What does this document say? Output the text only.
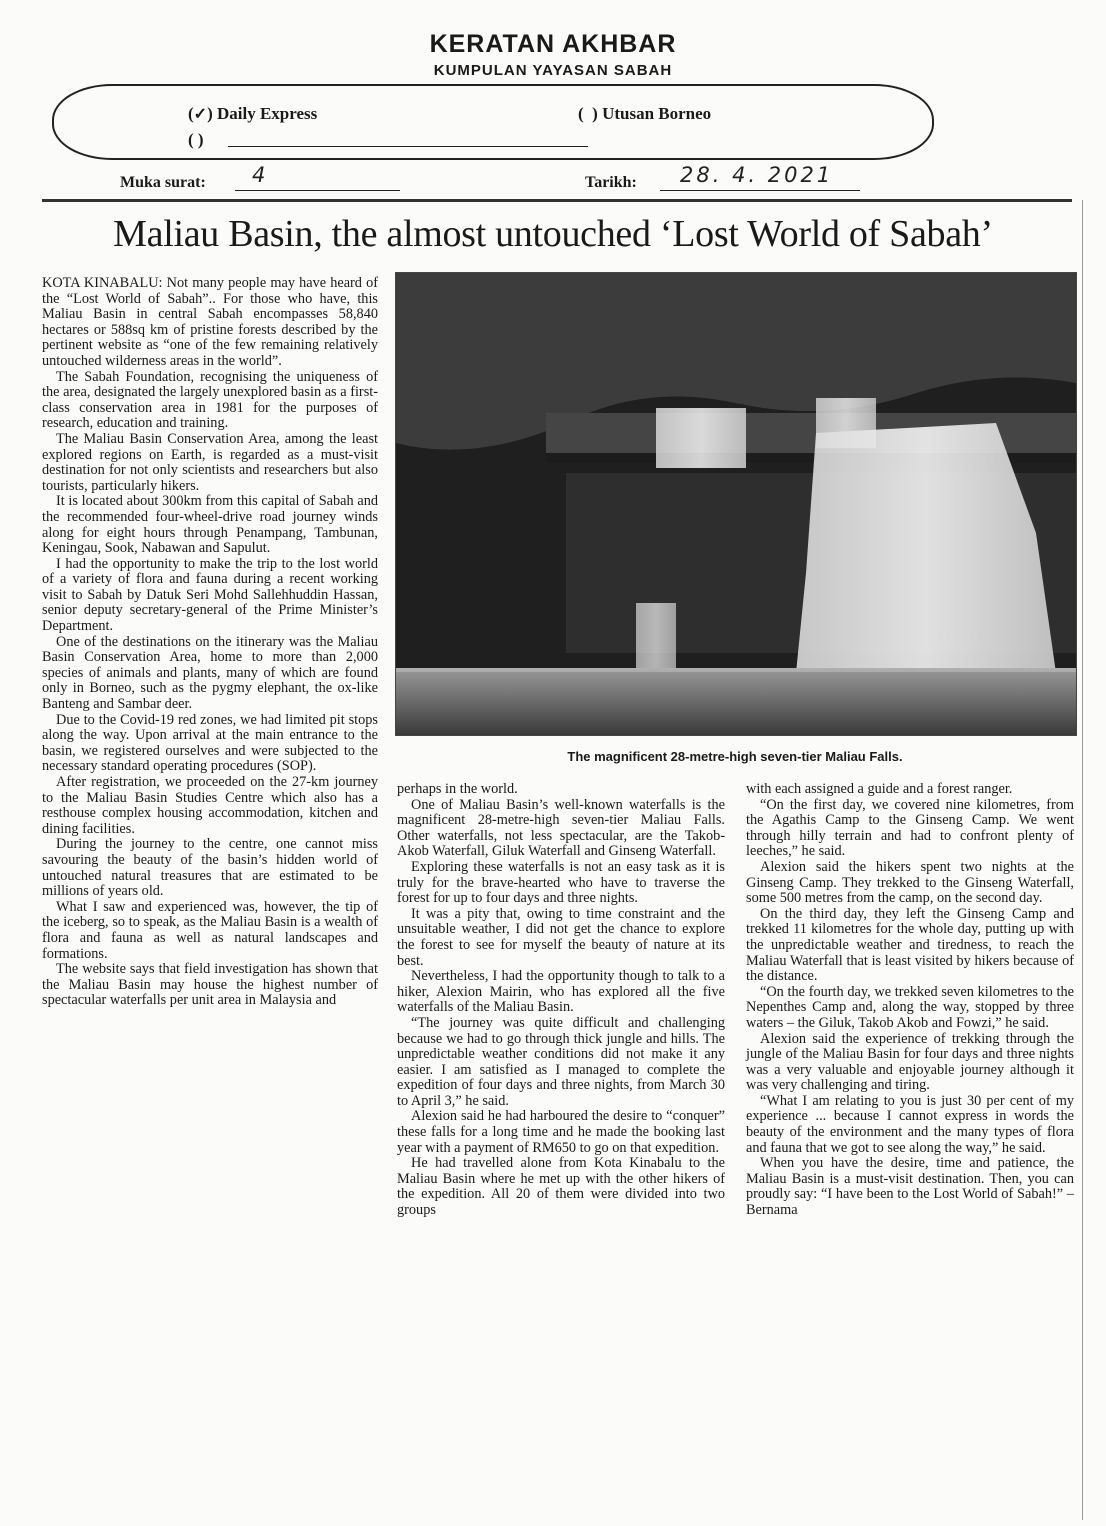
KERATAN AKHBAR
KUMPULAN YAYASAN SABAH
(✓) Daily Express	(  ) Utusan Borneo
( )
Muka surat: 4	Tarikh: 28. 4. 2021
Maliau Basin, the almost untouched ‘Lost World of Sabah’
The magnificent 28-metre-high seven-tier Maliau Falls.

KOTA KINABALU: Not many people may have heard of the “Lost World of Sabah”.. For those who have, this Maliau Basin in central Sabah encompasses 58,840 hectares or 588sq km of pristine forests described by the pertinent website as “one of the few remaining relatively untouched wilderness areas in the world”.

The Sabah Foundation, recognising the uniqueness of the area, designated the largely unexplored basin as a first-class conservation area in 1981 for the purposes of research, education and training.

The Maliau Basin Conservation Area, among the least explored regions on Earth, is regarded as a must-visit destination for not only scientists and researchers but also tourists, particularly hikers.

It is located about 300km from this capital of Sabah and the recommended four-wheel-drive road journey winds along for eight hours through Penampang, Tambunan, Keningau, Sook, Nabawan and Sapulut.

I had the opportunity to make the trip to the lost world of a variety of flora and fauna during a recent working visit to Sabah by Datuk Seri Mohd Sallehhuddin Hassan, senior deputy secretary-general of the Prime Minister’s Department.

One of the destinations on the itinerary was the Maliau Basin Conservation Area, home to more than 2,000 species of animals and plants, many of which are found only in Borneo, such as the pygmy elephant, the ox-like Banteng and Sambar deer.

Due to the Covid-19 red zones, we had limited pit stops along the way. Upon arrival at the main entrance to the basin, we registered ourselves and were subjected to the necessary standard operating procedures (SOP).

After registration, we proceeded on the 27-km journey to the Maliau Basin Studies Centre which also has a resthouse complex housing accommodation, kitchen and dining facilities.

During the journey to the centre, one cannot miss savouring the beauty of the basin’s hidden world of untouched natural treasures that are estimated to be millions of years old.

What I saw and experienced was, however, the tip of the iceberg, so to speak, as the Maliau Basin is a wealth of flora and fauna as well as natural landscapes and formations.

The website says that field investigation has shown that the Maliau Basin may house the highest number of spectacular waterfalls per unit area in Malaysia and

perhaps in the world.

One of Maliau Basin’s well-known waterfalls is the magnificent 28-metre-high seven-tier Maliau Falls. Other waterfalls, not less spectacular, are the Takob-Akob Waterfall, Giluk Waterfall and Ginseng Waterfall.

Exploring these waterfalls is not an easy task as it is truly for the brave-hearted who have to traverse the forest for up to four days and three nights.

It was a pity that, owing to time constraint and the unsuitable weather, I did not get the chance to explore the forest to see for myself the beauty of nature at its best.

Nevertheless, I had the opportunity though to talk to a hiker, Alexion Mairin, who has explored all the five waterfalls of the Maliau Basin.

“The journey was quite difficult and challenging because we had to go through thick jungle and hills. The unpredictable weather conditions did not make it any easier. I am satisfied as I managed to complete the expedition of four days and three nights, from March 30 to April 3,” he said.

Alexion said he had harboured the desire to “conquer” these falls for a long time and he made the booking last year with a payment of RM650 to go on that expedition.

He had travelled alone from Kota Kinabalu to the Maliau Basin where he met up with the other hikers of the expedition. All 20 of them were divided into two groups

with each assigned a guide and a forest ranger.

“On the first day, we covered nine kilometres, from the Agathis Camp to the Ginseng Camp. We went through hilly terrain and had to confront plenty of leeches,” he said.

Alexion said the hikers spent two nights at the Ginseng Camp. They trekked to the Ginseng Waterfall, some 500 metres from the camp, on the second day.

On the third day, they left the Ginseng Camp and trekked 11 kilometres for the whole day, putting up with the unpredictable weather and tiredness, to reach the Maliau Waterfall that is least visited by hikers because of the distance.

“On the fourth day, we trekked seven kilometres to the Nepenthes Camp and, along the way, stopped by three waters – the Giluk, Takob Akob and Fowzi,” he said.

Alexion said the experience of trekking through the jungle of the Maliau Basin for four days and three nights was a very valuable and enjoyable journey although it was very challenging and tiring.

“What I am relating to you is just 30 per cent of my experience ... because I cannot express in words the beauty of the environment and the many types of flora and fauna that we got to see along the way,” he said.

When you have the desire, time and patience, the Maliau Basin is a must-visit destination. Then, you can proudly say: “I have been to the Lost World of Sabah!” – Bernama
